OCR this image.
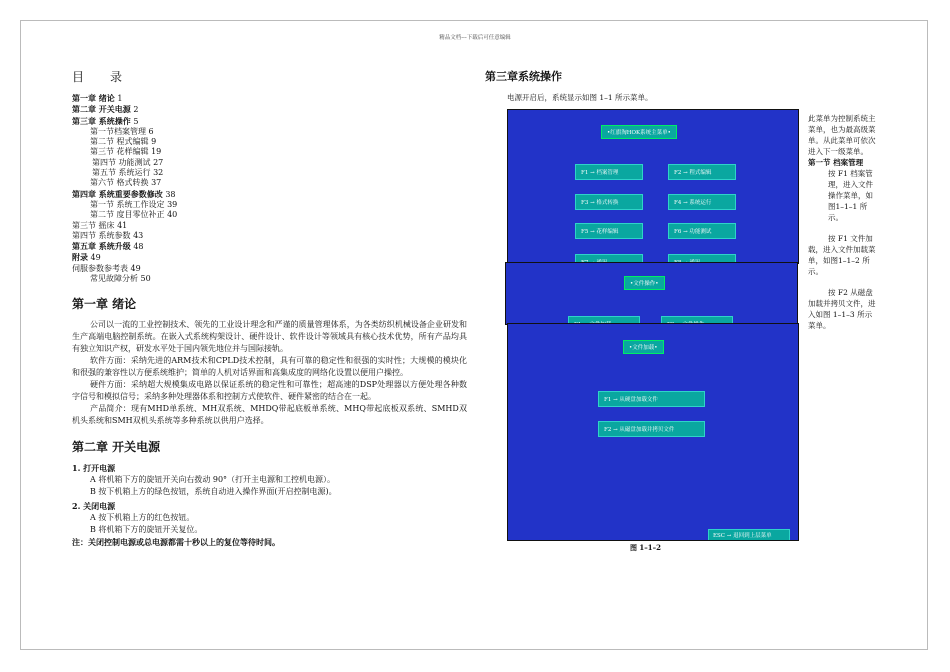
精品文档---下载后可任意编辑
目 录
第一章 绪论 1
第二章 开关电源 2
第三章 系统操作 5
第一节档案管理 6
第二节 程式编辑 9
第三节 花样编辑 19
第四节 功能测试 27
第五节 系统运行 32
第六节 格式转换 37
第四章 系统重要参数修改 38
第一节 系统工作设定 39
第二节 度目零位补正 40
第三节 摇床 41
第四节 系统参数 43
第五章 系统升级 48
附录 49
伺服参数参考表 49
常见故障分析 50
第一章 绪论
公司以一流的工业控制技术、领先的工业设计理念和严谨的质量管理体系，为各类纺织机械设备企业研发和生产高端电脑控制系统。在嵌入式系统构架设计、硬件设计、软件设计等领域具有核心技术优势，所有产品均具有独立知识产权，研发水平处于国内领先地位并与国际接轨。
软件方面：采纳先进的ARM技术和CPLD技术控制，具有可靠的稳定性和很强的实时性；大规模的模块化和很强的兼容性以方便系统维护；简单的人机对话界面和高集成度的网络化设置以便用户操控。
硬件方面：采纳超大规模集成电路以保证系统的稳定性和可靠性；超高速的DSP处理器以方便处理各种数字信号和模拟信号；采纳多种处理器体系和控制方式使软件、硬件紧密的结合在一起。
产品简介：现有MHD单系统、MH双系统、MHDQ带起底板单系统、MHQ带起底板双系统、SMHD双机头系统和SMH双机头系统等多种系统以供用户选择。
第二章 开关电源
1. 打开电源
A 将机箱下方的旋钮开关向右拨动 90°（打开主电源和工控机电源）。
B 按下机箱上方的绿色按钮，系统自动进入操作界面(开启控制电源)。
2. 关闭电源
A 按下机箱上方的红色按钮。
B 将机箱下方的旋钮开关复位。
注：关闭控制电源或总电源都需十秒以上的复位等待时间。
第三章系统操作
电源开启后，系统显示如图 1–1 所示菜单。
•红旗淘HOK系统主菜单•
F1 → 档案管理	F2 → 程式编辑
F3 → 格式转换	F4 → 系统运行
F5 → 花样编辑	F6 → 功能测试
•文件操作•
•文件加载•
F1 → 从硬盘加载文件
F2 → 从磁盘加载并拷贝文件
ESC → 退回到上层菜单
图 1–1–2
此菜单为控制系统主菜单，也为最高级菜单。从此菜单可依次进入下一级菜单。
第一节 档案管理
按 F1 档案管理，进入文件操作菜单，如图1–1–1 所示。
按 F1 文件加载，进入文件加载菜单，如图1–1–2 所示。
按 F2 从磁盘加载并拷贝文件，进入如图 1–1–3 所示菜单。
